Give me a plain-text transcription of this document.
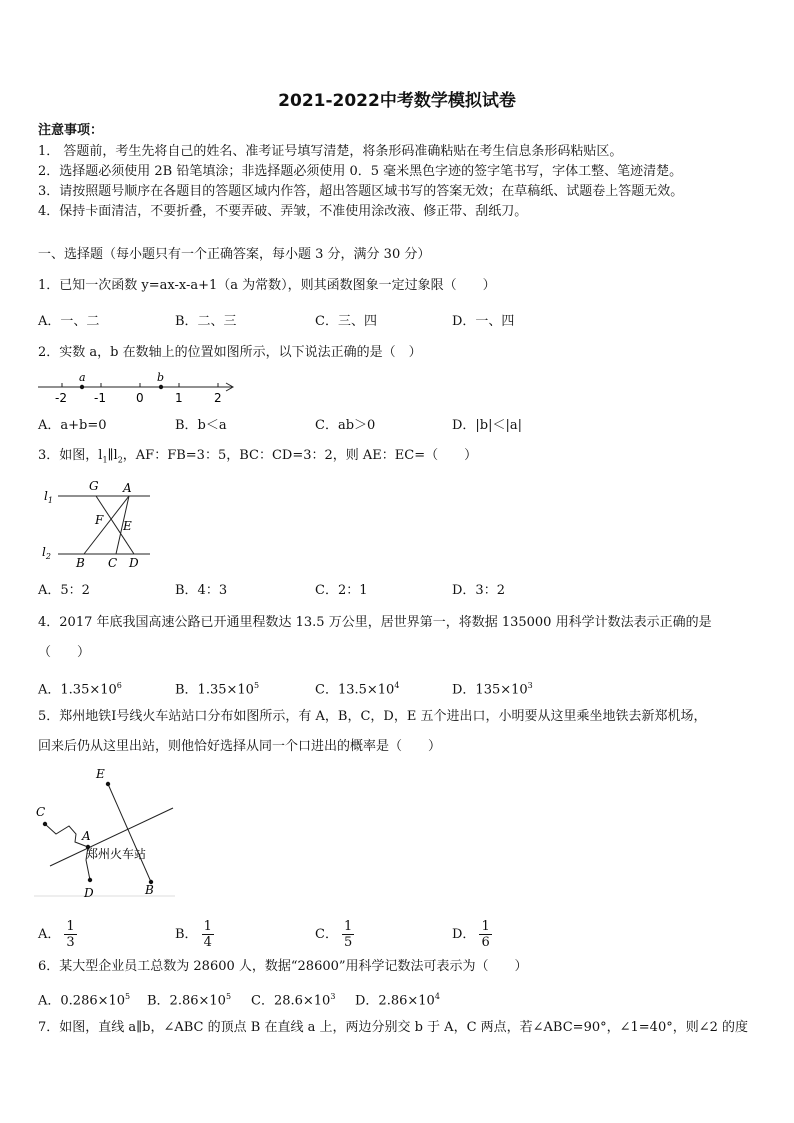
2021-2022中考数学模拟试卷
注意事项：
1． 答题前，考生先将自己的姓名、准考证号填写清楚，将条形码准确粘贴在考生信息条形码粘贴区。
2．选择题必须使用 2B 铅笔填涂；非选择题必须使用 0．5 毫米黑色字迹的签字笔书写，字体工整、笔迹清楚。
3．请按照题号顺序在各题目的答题区域内作答，超出答题区域书写的答案无效；在草稿纸、试题卷上答题无效。
4．保持卡面清洁，不要折叠，不要弄破、弄皱，不准使用涂改液、修正带、刮纸刀。
一、选择题（每小题只有一个正确答案，每小题 3 分，满分 30 分）
1．已知一次函数 y=ax-x-a+1（a 为常数），则其函数图象一定过象限（　　）
A．一、二	B．二、三	C．三、四	D．一、四
2．实数 a，b 在数轴上的位置如图所示，以下说法正确的是（　）
a	b
-2 -1	0	1	2
A．a+b=0	B．b＜a	C．ab＞0	D．|b|＜|a|
3．如图，$l_1\parallel l_2$，AF：FB=3：5，BC：CD=3：2，则 AE：EC=（　　）
$l_1$
$l_2$
G A
F E
B C D
A．5：2	B．4：3	C．2：1	D．3：2
4．2017 年底我国高速公路已开通里程数达 13.5 万公里，居世界第一，将数据 135000 用科学计数法表示正确的是
（　　）
A．$1.35\times 10^6$	B．$1.35\times 10^5$	C．$13.5\times 10^4$	D．$135\times 10^3$
5．郑州地铁Ⅰ号线火车站站口分布如图所示，有 A，B，C，D，E 五个进出口，小明要从这里乘坐地铁去新郑机场，
回来后仍从这里出站，则他恰好选择从同一个口进出的概率是（　　）
E
C
A
B
D
郑州火车站
A． $\frac{1}{3}$	B． $\frac{1}{4}$	C． $\frac{1}{5}$	D． $\frac{1}{6}$
6．某大型企业员工总数为 28600 人，数据“28600”用科学记数法可表示为（　　）
A．$0.286\times 10^5$ B．$2.86\times 10^5$ C．$28.6\times 10^3$ D．$2.86\times 10^4$
7．如图，直线 a∥b，∠ABC 的顶点 B 在直线 a 上，两边分别交 b 于 A，C 两点，若∠ABC=90°，∠1=40°，则∠2 的度
